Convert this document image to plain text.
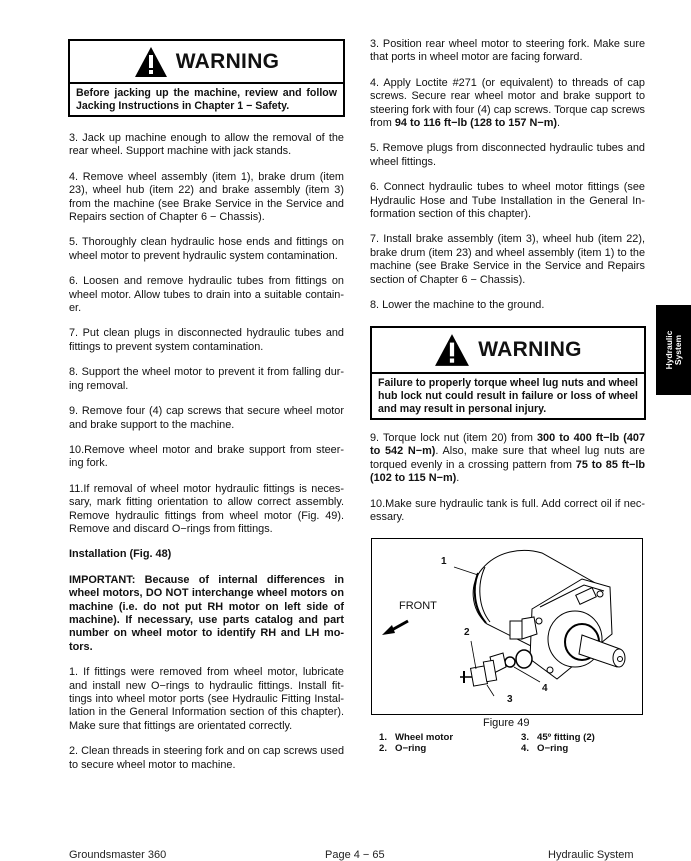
WARNING
Before jacking up the machine, review and follow Jacking Instructions in Chapter 1 − Safety.

3. Jack up machine enough to allow the removal of the rear wheel. Support machine with jack stands.

4. Remove wheel assembly (item 1), brake drum (item 23), wheel hub (item 22) and brake assembly (item 3) from the machine (see Brake Service in the Service and Repairs section of Chapter 6 − Chassis).

5. Thoroughly clean hydraulic hose ends and fittings on wheel motor to prevent hydraulic system contamination.

6. Loosen and remove hydraulic tubes from fittings on wheel motor. Allow tubes to drain into a suitable contain-er.

7. Put clean plugs in disconnected hydraulic tubes and fittings to prevent system contamination.

8. Support the wheel motor to prevent it from falling dur-ing removal.

9. Remove four (4) cap screws that secure wheel motor and brake support to the machine.

10.Remove wheel motor and brake support from steer-ing fork.

11.If removal of wheel motor hydraulic fittings is neces-sary, mark fitting orientation to allow correct assembly. Remove hydraulic fittings from wheel motor (Fig. 49). Remove and discard O−rings from fittings.

Installation (Fig. 48)

IMPORTANT: Because of internal differences in wheel motors, DO NOT interchange wheel motors on machine (i.e. do not put RH motor on left side of machine). If necessary, use parts catalog and part number on wheel motor to identify RH and LH mo-tors.

1. If fittings were removed from wheel motor, lubricate and install new O−rings to hydraulic fittings. Install fit-tings into wheel motor ports (see Hydraulic Fitting Instal-lation in the General Information section of this chapter). Make sure that fittings are orientated correctly.

2. Clean threads in steering fork and on cap screws used to secure wheel motor to machine.

3. Position rear wheel motor to steering fork. Make sure that ports in wheel motor are facing forward.

4. Apply Loctite #271 (or equivalent) to threads of cap screws. Secure rear wheel motor and brake support to steering fork with four (4) cap screws. Torque cap screws from 94 to 116 ft−lb (128 to 157 N−m).

5. Remove plugs from disconnected hydraulic tubes and wheel fittings.

6. Connect hydraulic tubes to wheel motor fittings (see Hydraulic Hose and Tube Installation in the General In-formation section of this chapter).

7. Install brake assembly (item 3), wheel hub (item 22), brake drum (item 23) and wheel assembly (item 1) to the machine (see Brake Service in the Service and Repairs section of Chapter 6 − Chassis).

8. Lower the machine to the ground.

WARNING
Failure to properly torque wheel lug nuts and wheel hub lock nut could result in failure or loss of wheel and may result in personal injury.

9. Torque lock nut (item 20) from 300 to 400 ft−lb (407 to 542 N−m). Also, make sure that wheel lug nuts are torqued evenly in a crossing pattern from 75 to 85 ft−lb (102 to 115 N−m).

10.Make sure hydraulic tank is full. Add correct oil if nec-essary.

Hydraulic System
1
2
3
4
FRONT
Figure 49
1. Wheel motor
2. O−ring
3. 45º fitting (2)
4. O−ring
Groundsmaster 360	Page 4 − 65	Hydraulic System
